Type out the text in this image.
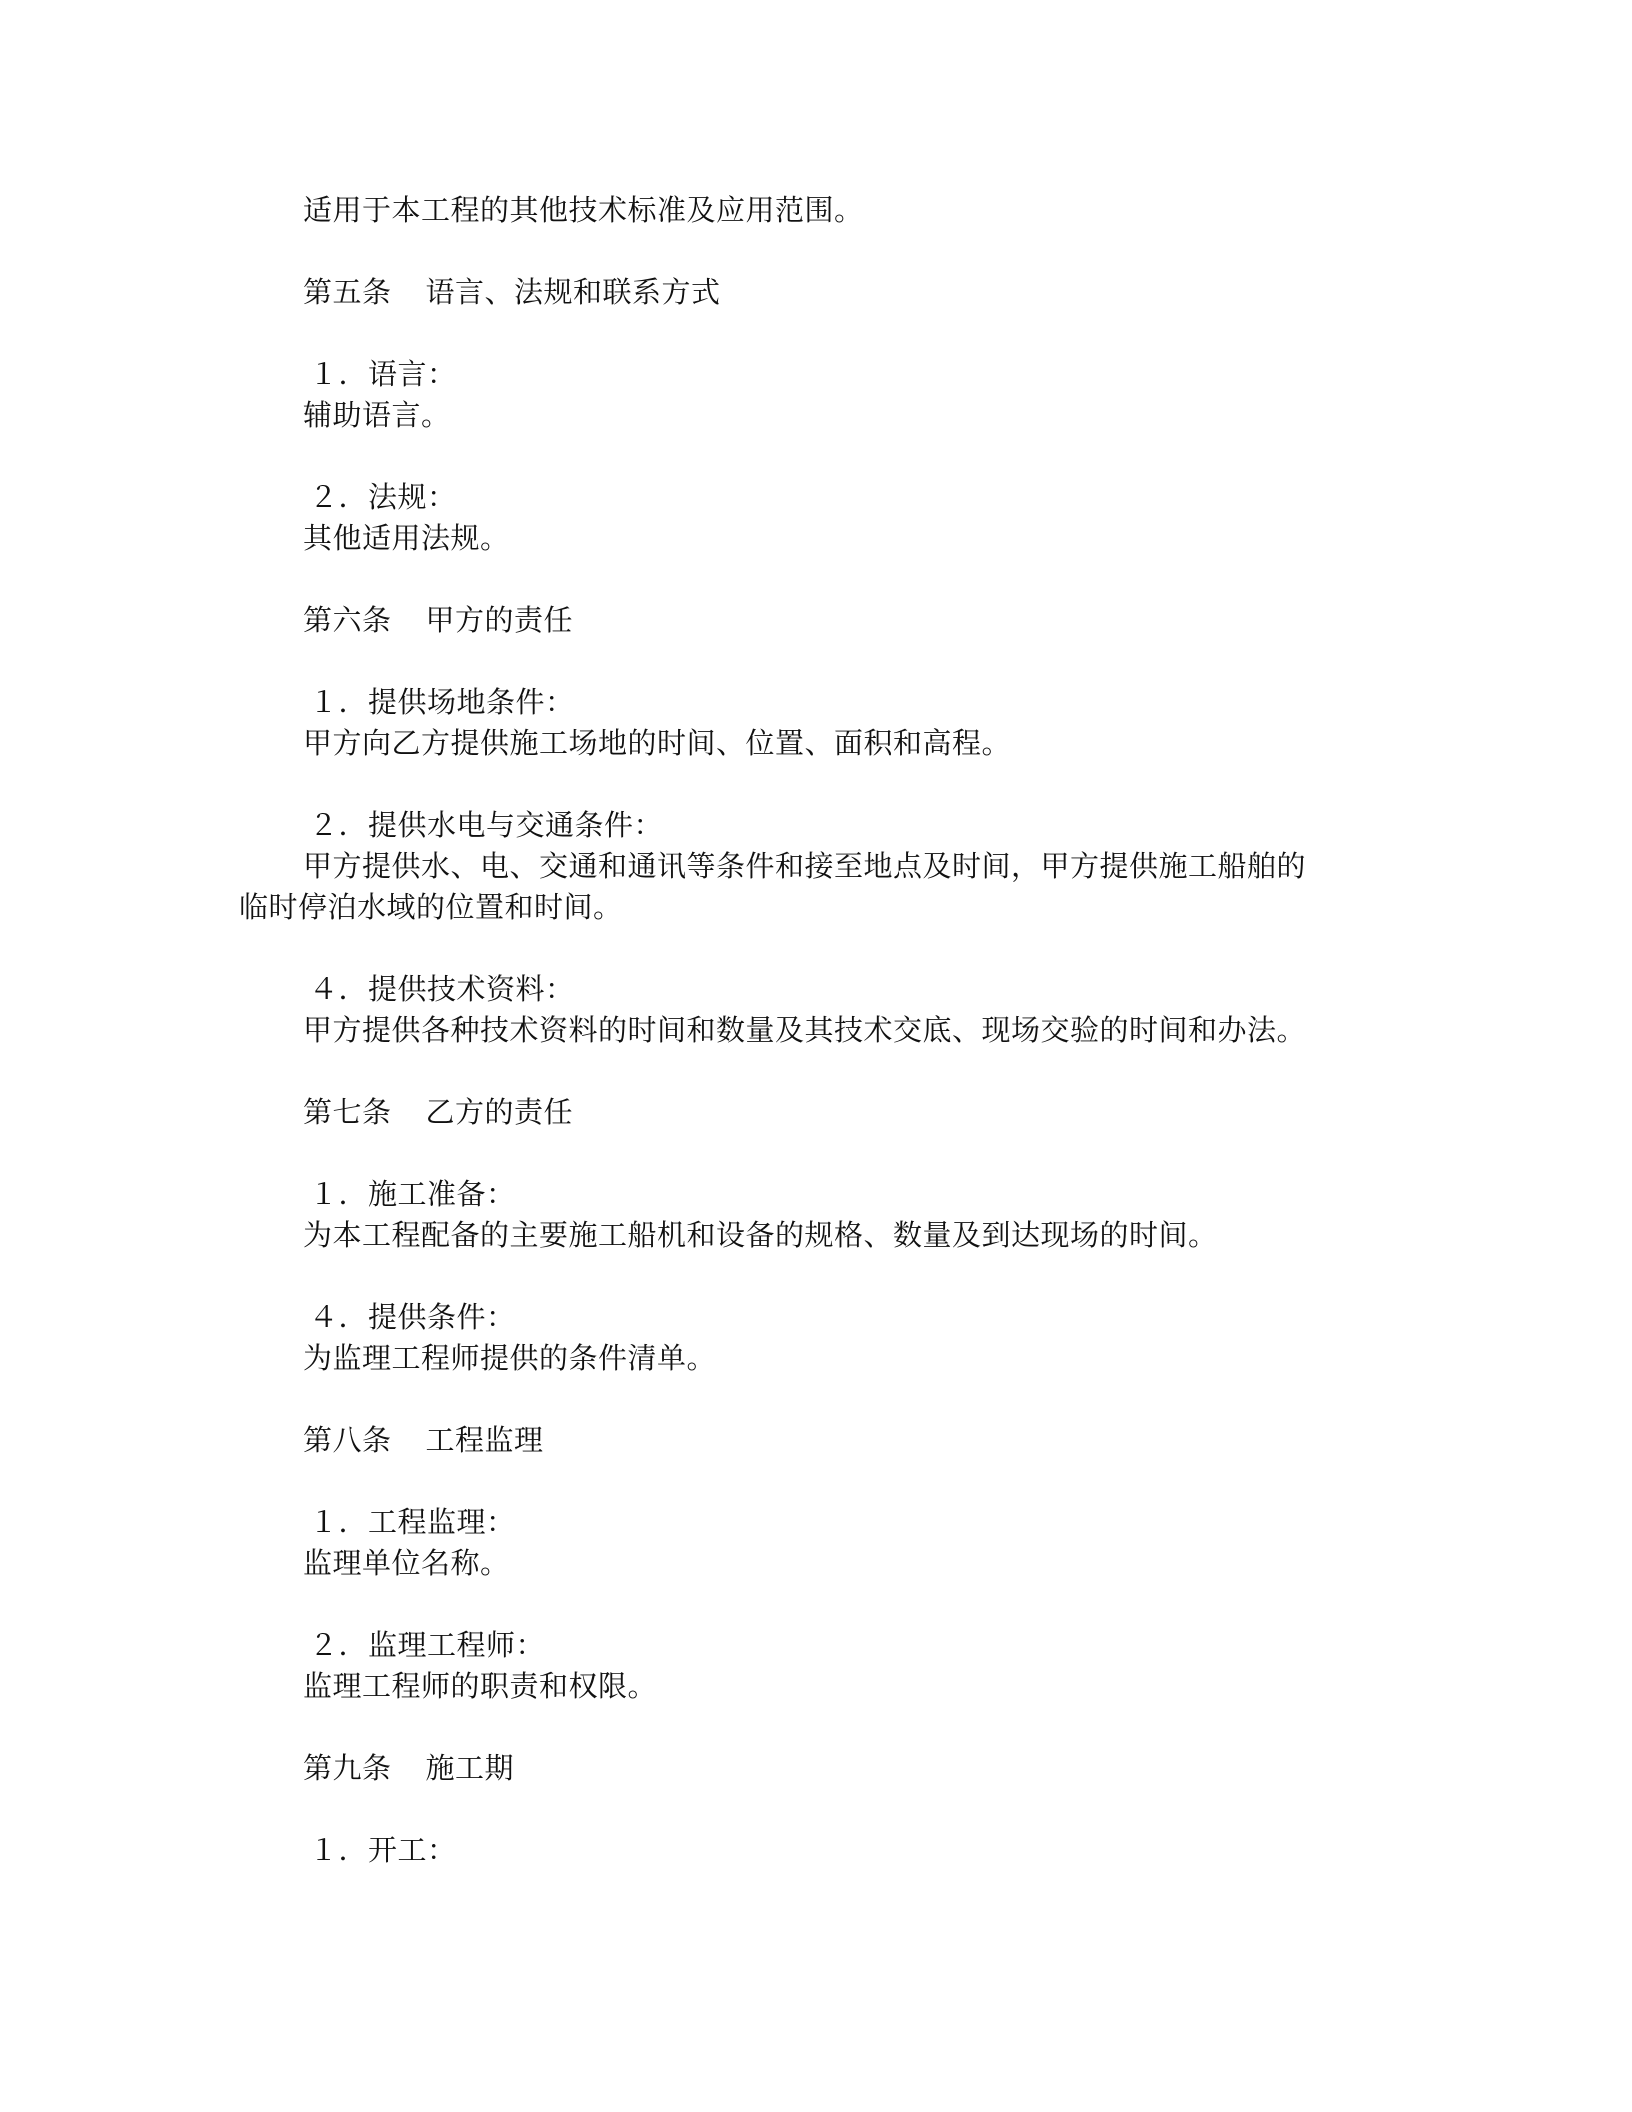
适用于本工程的其他技术标准及应用范围。
第五条 语言、法规和联系方式
１．语言：
辅助语言。
２．法规：
其他适用法规。
第六条 甲方的责任
１．提供场地条件：
甲方向乙方提供施工场地的时间、位置、面积和高程。
２．提供水电与交通条件：
甲方提供水、电、交通和通讯等条件和接至地点及时间，甲方提供施工船舶的
临时停泊水域的位置和时间。
４．提供技术资料：
甲方提供各种技术资料的时间和数量及其技术交底、现场交验的时间和办法。
第七条 乙方的责任
１．施工准备：
为本工程配备的主要施工船机和设备的规格、数量及到达现场的时间。
４．提供条件：
为监理工程师提供的条件清单。
第八条 工程监理
１．工程监理：
监理单位名称。
２．监理工程师：
监理工程师的职责和权限。
第九条 施工期
１．开工：
